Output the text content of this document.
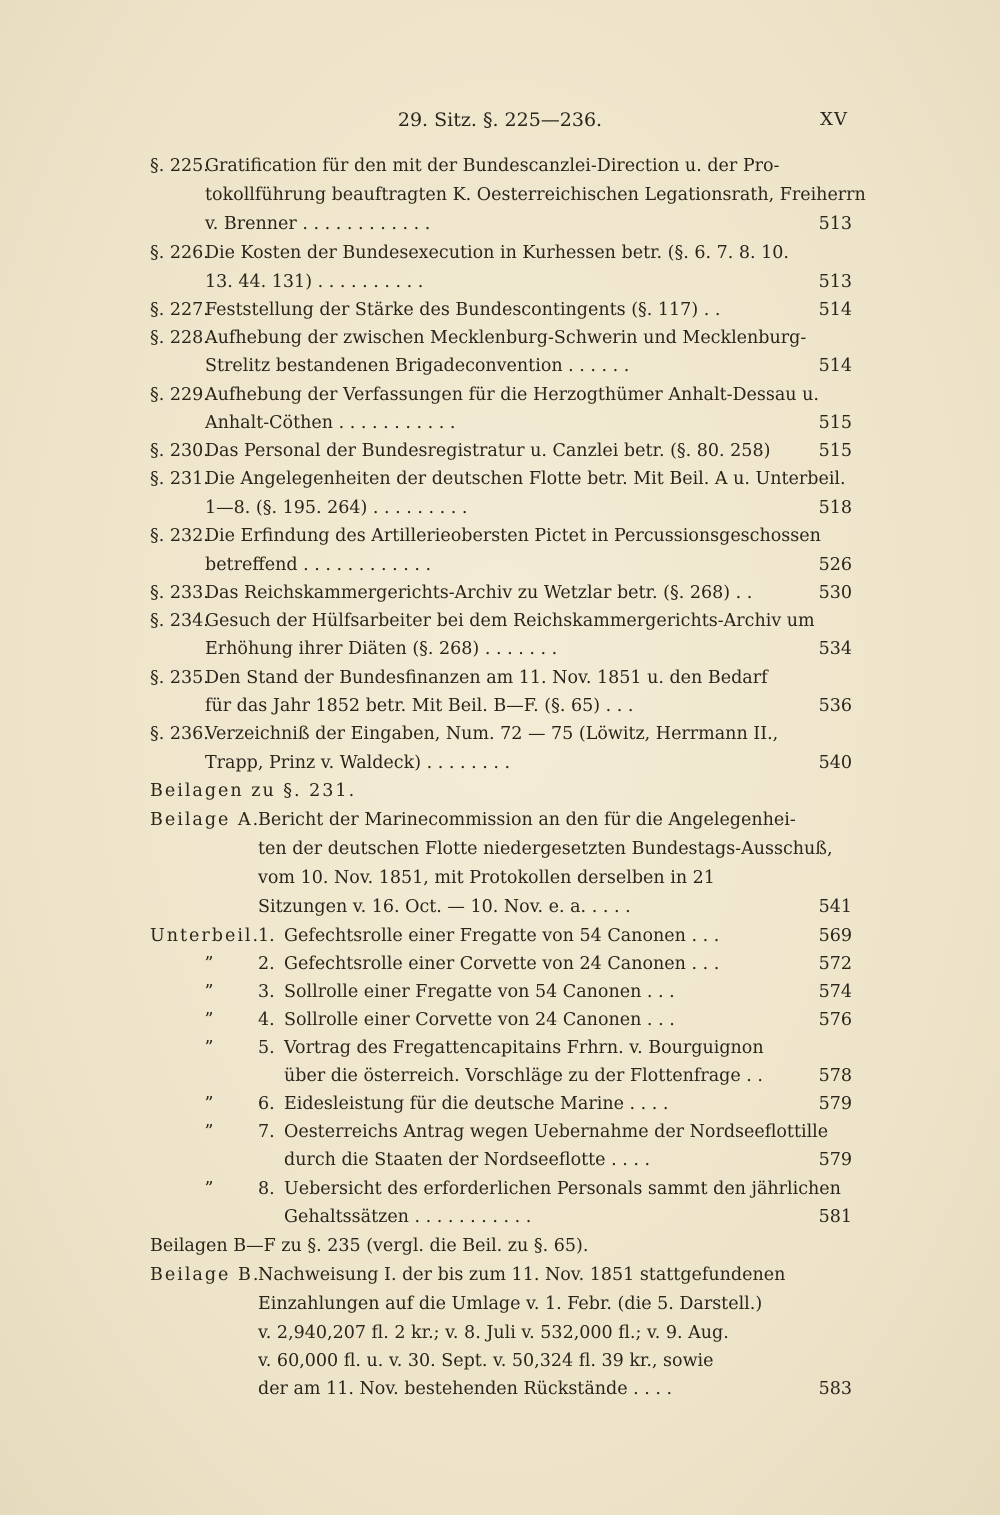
29. Sitz. §. 225—236.	XV
§. 225.
Gratification für den mit der Bundescanzlei-Direction u. der Pro-
tokollführung beauftragten K. Oesterreichischen Legationsrath, Freiherrn
v. Brenner . . . . . . . . . . . .	513
§. 226.
Die Kosten der Bundesexecution in Kurhessen betr. (§. 6. 7. 8. 10.
13. 44. 131) . . . . . . . . . .	513
§. 227.
Feststellung der Stärke des Bundescontingents (§. 117) . .	514
§. 228.
Aufhebung der zwischen Mecklenburg-Schwerin und Mecklenburg-
Strelitz bestandenen Brigadeconvention . . . . . .	514
§. 229.
Aufhebung der Verfassungen für die Herzogthümer Anhalt-Dessau u.
Anhalt-Cöthen . . . . . . . . . . .	515
§. 230.
Das Personal der Bundesregistratur u. Canzlei betr. (§. 80. 258)	515
§. 231.
Die Angelegenheiten der deutschen Flotte betr. Mit Beil. A u. Unterbeil.
1—8. (§. 195. 264) . . . . . . . . .	518
§. 232.
Die Erfindung des Artillerieobersten Pictet in Percussionsgeschossen
betreffend . . . . . . . . . . . .	526
§. 233.
Das Reichskammergerichts-Archiv zu Wetzlar betr. (§. 268) . .	530
§. 234.
Gesuch der Hülfsarbeiter bei dem Reichskammergerichts-Archiv um
Erhöhung ihrer Diäten (§. 268) . . . . . . .	534
§. 235.
Den Stand der Bundesfinanzen am 11. Nov. 1851 u. den Bedarf
für das Jahr 1852 betr. Mit Beil. B—F. (§. 65) . . .	536
§. 236.
Verzeichniß der Eingaben, Num. 72 — 75 (Löwitz, Herrmann II.,
Trapp, Prinz v. Waldeck) . . . . . . . .	540
Beilagen zu §. 231.
Beilage A.
Bericht der Marinecommission an den für die Angelegenhei-
ten der deutschen Flotte niedergesetzten Bundestags-Ausschuß,
vom 10. Nov. 1851, mit Protokollen derselben in 21
Sitzungen v. 16. Oct. — 10. Nov. e. a. . . . .	541
Unterbeil.
1. Gefechtsrolle einer Fregatte von 54 Canonen . . .	569
”	2. Gefechtsrolle einer Corvette von 24 Canonen . . .	572
”	3. Sollrolle einer Fregatte von 54 Canonen . . .	574
”	4. Sollrolle einer Corvette von 24 Canonen . . .	576
”	5. Vortrag des Fregattencapitains Frhrn. v. Bourguignon
über die österreich. Vorschläge zu der Flottenfrage . .	578
”	6. Eidesleistung für die deutsche Marine . . . .	579
”	7. Oesterreichs Antrag wegen Uebernahme der Nordseeflottille
durch die Staaten der Nordseeflotte . . . .	579
”	8. Uebersicht des erforderlichen Personals sammt den jährlichen
Gehaltssätzen . . . . . . . . . . .	581
Beilagen B—F zu §. 235 (vergl. die Beil. zu §. 65).
Beilage B.
Nachweisung I. der bis zum 11. Nov. 1851 stattgefundenen
Einzahlungen auf die Umlage v. 1. Febr. (die 5. Darstell.)
v. 2,940,207 fl. 2 kr.; v. 8. Juli v. 532,000 fl.; v. 9. Aug.
v. 60,000 fl. u. v. 30. Sept. v. 50,324 fl. 39 kr., sowie
der am 11. Nov. bestehenden Rückstände . . . .	583
